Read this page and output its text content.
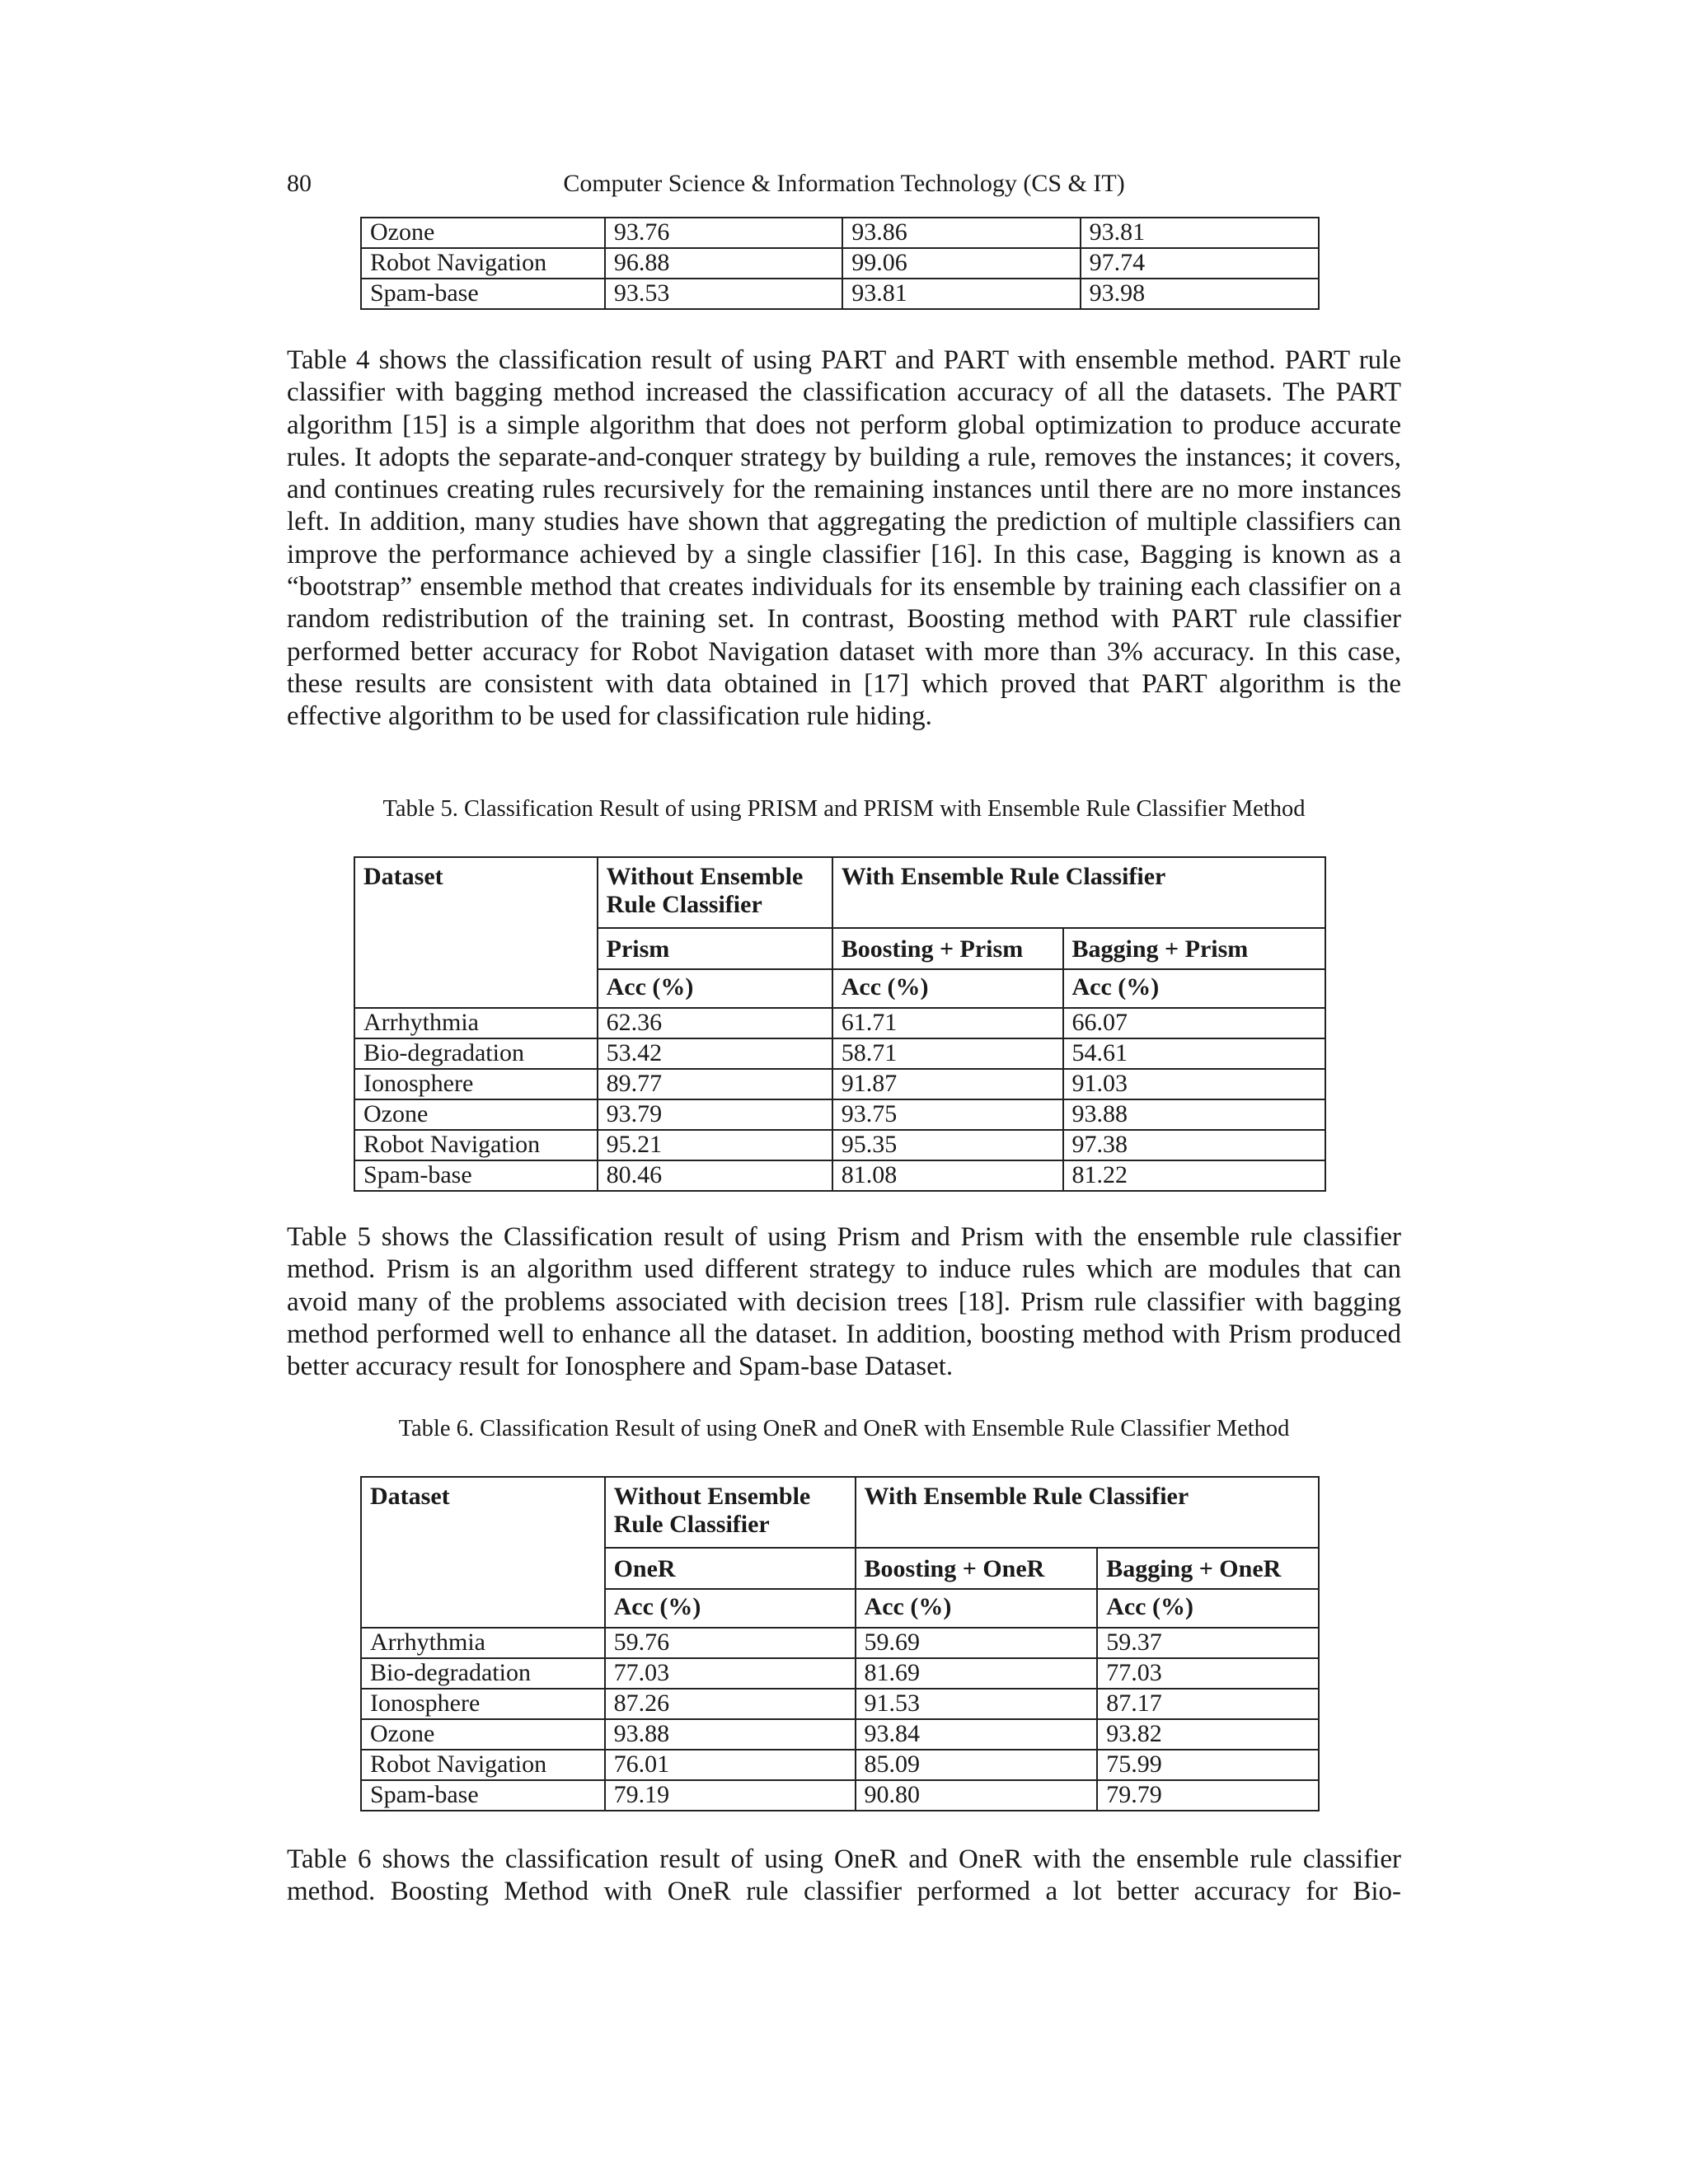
80	Computer Science & Information Technology (CS & IT)
Ozone	93.76	93.86	93.81
Robot Navigation	96.88	99.06	97.74
Spam-base	93.53	93.81	93.98

Table 4 shows the classification result of using PART and PART with ensemble method. PART rule classifier with bagging method increased the classification accuracy of all the datasets. The PART algorithm [15] is a simple algorithm that does not perform global optimization to produce accurate rules. It adopts the separate-and-conquer strategy by building a rule, removes the instances; it covers, and continues creating rules recursively for the remaining instances until there are no more instances left. In addition, many studies have shown that aggregating the prediction of multiple classifiers can improve the performance achieved by a single classifier [16]. In this case, Bagging is known as a “bootstrap” ensemble method that creates individuals for its ensemble by training each classifier on a random redistribution of the training set. In contrast, Boosting method with PART rule classifier performed better accuracy for Robot Navigation dataset with more than 3% accuracy. In this case, these results are consistent with data obtained in [17] which proved that PART algorithm is the effective algorithm to be used for classification rule hiding.

Table 5. Classification Result of using PRISM and PRISM with Ensemble Rule Classifier Method

Dataset	Without Ensemble Rule Classifier	With Ensemble Rule Classifier	
	Prism	Boosting + Prism	Bagging + Prism
	Acc (%)	Acc (%)	Acc (%)
Arrhythmia	62.36	61.71	66.07
Bio-degradation	53.42	58.71	54.61
Ionosphere	89.77	91.87	91.03
Ozone	93.79	93.75	93.88
Robot Navigation	95.21	95.35	97.38
Spam-base	80.46	81.08	81.22

Table 5 shows the Classification result of using Prism and Prism with the ensemble rule classifier method. Prism is an algorithm used different strategy to induce rules which are modules that can avoid many of the problems associated with decision trees [18]. Prism rule classifier with bagging method performed well to enhance all the dataset. In addition, boosting method with Prism produced better accuracy result for Ionosphere and Spam-base Dataset.

Table 6. Classification Result of using OneR and OneR with Ensemble Rule Classifier Method

Dataset	Without Ensemble Rule Classifier	With Ensemble Rule Classifier	
	OneR	Boosting + OneR	Bagging + OneR
	Acc (%)	Acc (%)	Acc (%)
Arrhythmia	59.76	59.69	59.37
Bio-degradation	77.03	81.69	77.03
Ionosphere	87.26	91.53	87.17
Ozone	93.88	93.84	93.82
Robot Navigation	76.01	85.09	75.99
Spam-base	79.19	90.80	79.79

Table 6 shows the classification result of using OneR and OneR with the ensemble rule classifier method. Boosting Method with OneR rule classifier performed a lot better accuracy for Bio-
